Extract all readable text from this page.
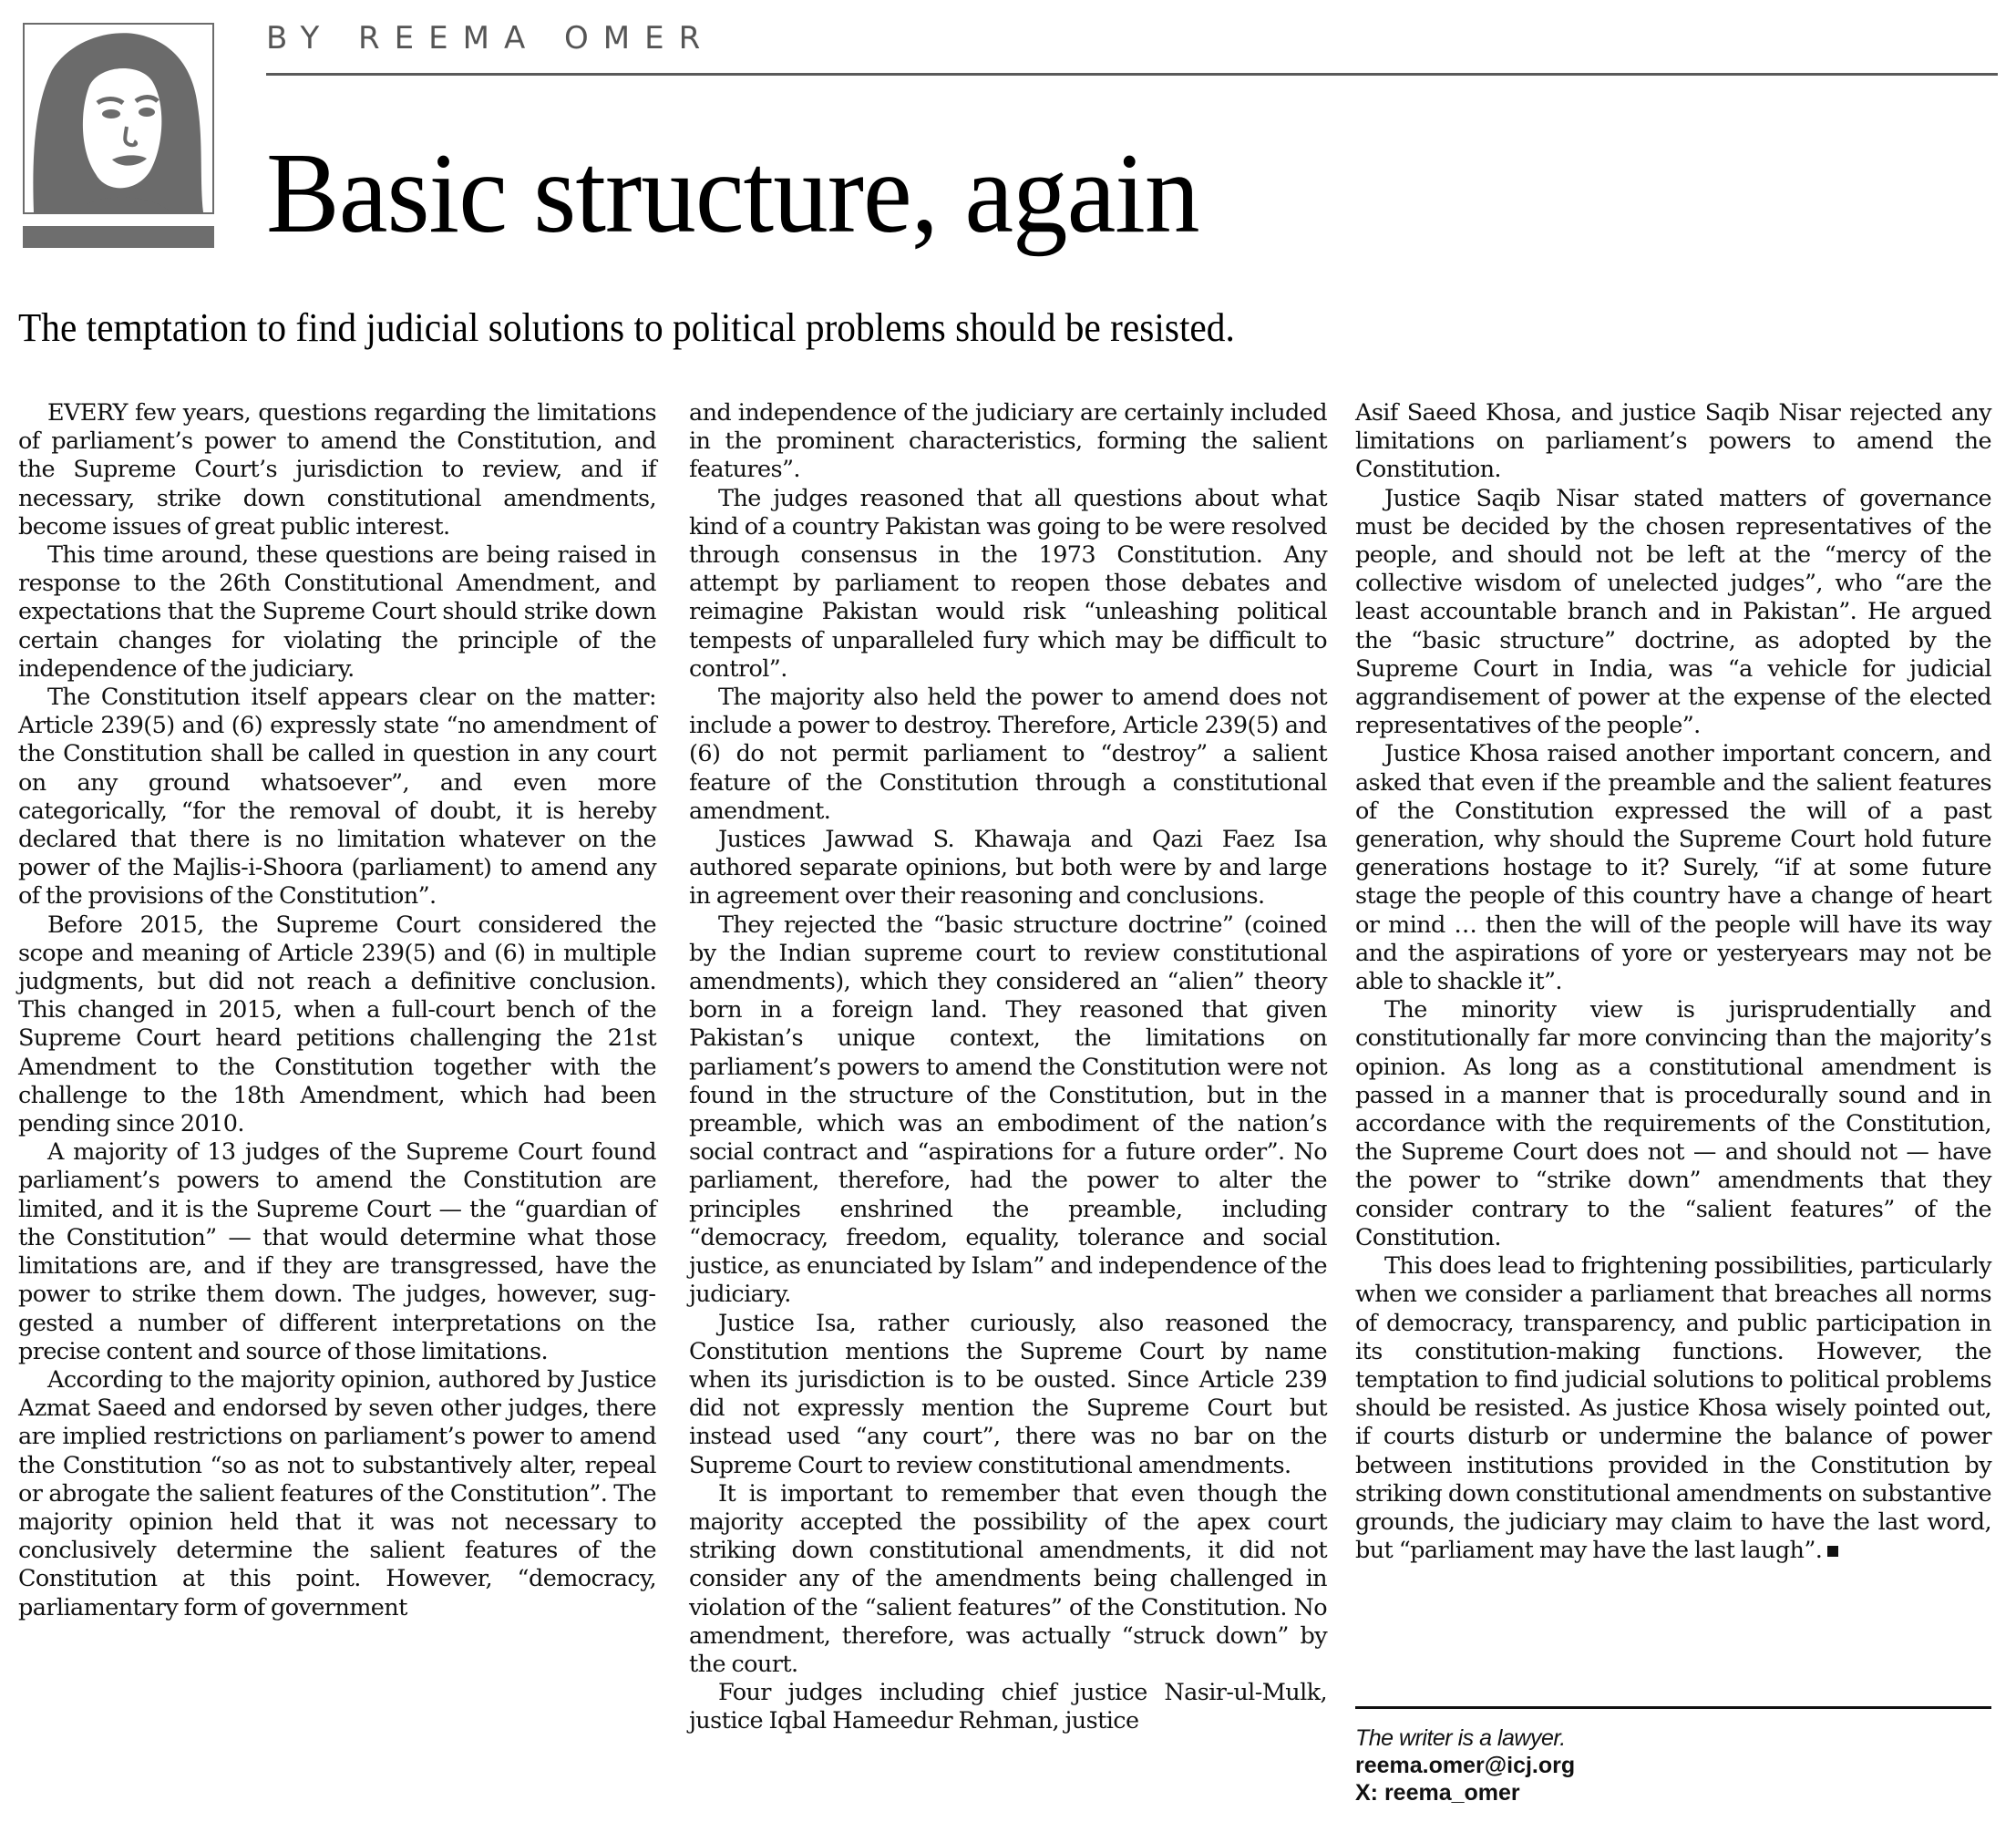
BY REEMA OMER
Basic structure, again
The temptation to find judicial solutions to political problems should be resisted.

EVERY few years, questions regarding the limitations of parliament’s power to amend the Constitution, and the Supreme Court’s jurisdiction to review, and if necessary, strike down constitutional amendments, become issues of great public interest.

This time around, these questions are being raised in response to the 26th Constitutional Amendment, and expectations that the Supreme Court should strike down certain changes for violating the principle of the independence of the judiciary.

The Constitution itself appears clear on the matter: Article 239(5) and (6) expressly state “no amendment of the Constitution shall be called in question in any court on any ground whatsoever”, and even more categorically, “for the removal of doubt, it is hereby declared that there is no limitation whatever on the power of the Majlis-i-Shoora (parliament) to amend any of the provisions of the Constitution”.

Before 2015, the Supreme Court considered the scope and meaning of Article 239(5) and (6) in multiple judgments, but did not reach a definitive conclusion. This changed in 2015, when a full-court bench of the Supreme Court heard petitions challenging the 21st Amendment to the Constitution together with the challenge to the 18th Amendment, which had been pending since 2010.

A majority of 13 judges of the Supreme Court found parliament’s powers to amend the Constitution are limited, and it is the Supreme Court — the “guardian of the Constitution” — that would determine what those limitations are, and if they are transgressed, have the power to strike them down. The judges, however, suggested a number of different interpretations on the precise content and source of those limitations.

According to the majority opinion, authored by Justice Azmat Saeed and endorsed by seven other judges, there are implied restrictions on parliament’s power to amend the Constitution “so as not to substantively alter, repeal or abrogate the salient features of the Constitution”. The majority opinion held that it was not necessary to conclusively determine the salient features of the Constitution at this point. However, “democracy, parliamentary form of government

and independence of the judiciary are certainly included in the prominent characteristics, forming the salient features”.

The judges reasoned that all questions about what kind of a country Pakistan was going to be were resolved through consensus in the 1973 Constitution. Any attempt by parliament to reopen those debates and reimagine Pakistan would risk “unleashing political tempests of unparalleled fury which may be difficult to control”.

The majority also held the power to amend does not include a power to destroy. Therefore, Article 239(5) and (6) do not permit parliament to “destroy” a salient feature of the Constitution through a constitutional amendment.

Justices Jawwad S. Khawaja and Qazi Faez Isa authored separate opinions, but both were by and large in agreement over their reasoning and conclusions.

They rejected the “basic structure doctrine” (coined by the Indian supreme court to review constitutional amendments), which they considered an “alien” theory born in a foreign land. They reasoned that given Pakistan’s unique context, the limitations on parliament’s powers to amend the Constitution were not found in the structure of the Constitution, but in the preamble, which was an embodiment of the nation’s social contract and “aspirations for a future order”. No parliament, therefore, had the power to alter the principles enshrined the preamble, including “democracy, freedom, equality, tolerance and social justice, as enunciated by Islam” and independence of the judiciary.

Justice Isa, rather curiously, also reasoned the Constitution mentions the Supreme Court by name when its jurisdiction is to be ousted. Since Article 239 did not expressly mention the Supreme Court but instead used “any court”, there was no bar on the Supreme Court to review constitutional amendments.

It is important to remember that even though the majority accepted the possibility of the apex court striking down constitutional amendments, it did not consider any of the amendments being challenged in violation of the “salient features” of the Constitution. No amendment, therefore, was actually “struck down” by the court.

Four judges including chief justice Nasir-ul-Mulk, justice Iqbal Hameedur Rehman, justice

Asif Saeed Khosa, and justice Saqib Nisar rejected any limitations on parliament’s powers to amend the Constitution.

Justice Saqib Nisar stated matters of governance must be decided by the chosen representatives of the people, and should not be left at the “mercy of the collective wisdom of unelected judges”, who “are the least accountable branch and in Pakistan”. He argued the “basic structure” doctrine, as adopted by the Supreme Court in India, was “a vehicle for judicial aggrandisement of power at the expense of the elected representatives of the people”.

Justice Khosa raised another important concern, and asked that even if the preamble and the salient features of the Constitution expressed the will of a past generation, why should the Supreme Court hold future generations hostage to it? Surely, “if at some future stage the people of this country have a change of heart or mind … then the will of the people will have its way and the aspirations of yore or yesteryears may not be able to shackle it”.

The minority view is jurisprudentially and constitutionally far more convincing than the majority’s opinion. As long as a constitutional amendment is passed in a manner that is procedurally sound and in accordance with the requirements of the Constitution, the Supreme Court does not — and should not — have the power to “strike down” amendments that they consider contrary to the “salient features” of the Constitution.

This does lead to frightening possibilities, particularly when we consider a parliament that breaches all norms of democracy, transparency, and public participation in its constitution-making functions. However, the temptation to find judicial solutions to political problems should be resisted. As justice Khosa wisely pointed out, if courts disturb or undermine the balance of power between institutions provided in the Constitution by striking down constitutional amendments on substantive grounds, the judiciary may claim to have the last word, but “parliament may have the last laugh”.

The writer is a lawyer.
reema.omer@icj.org
X: reema_omer
